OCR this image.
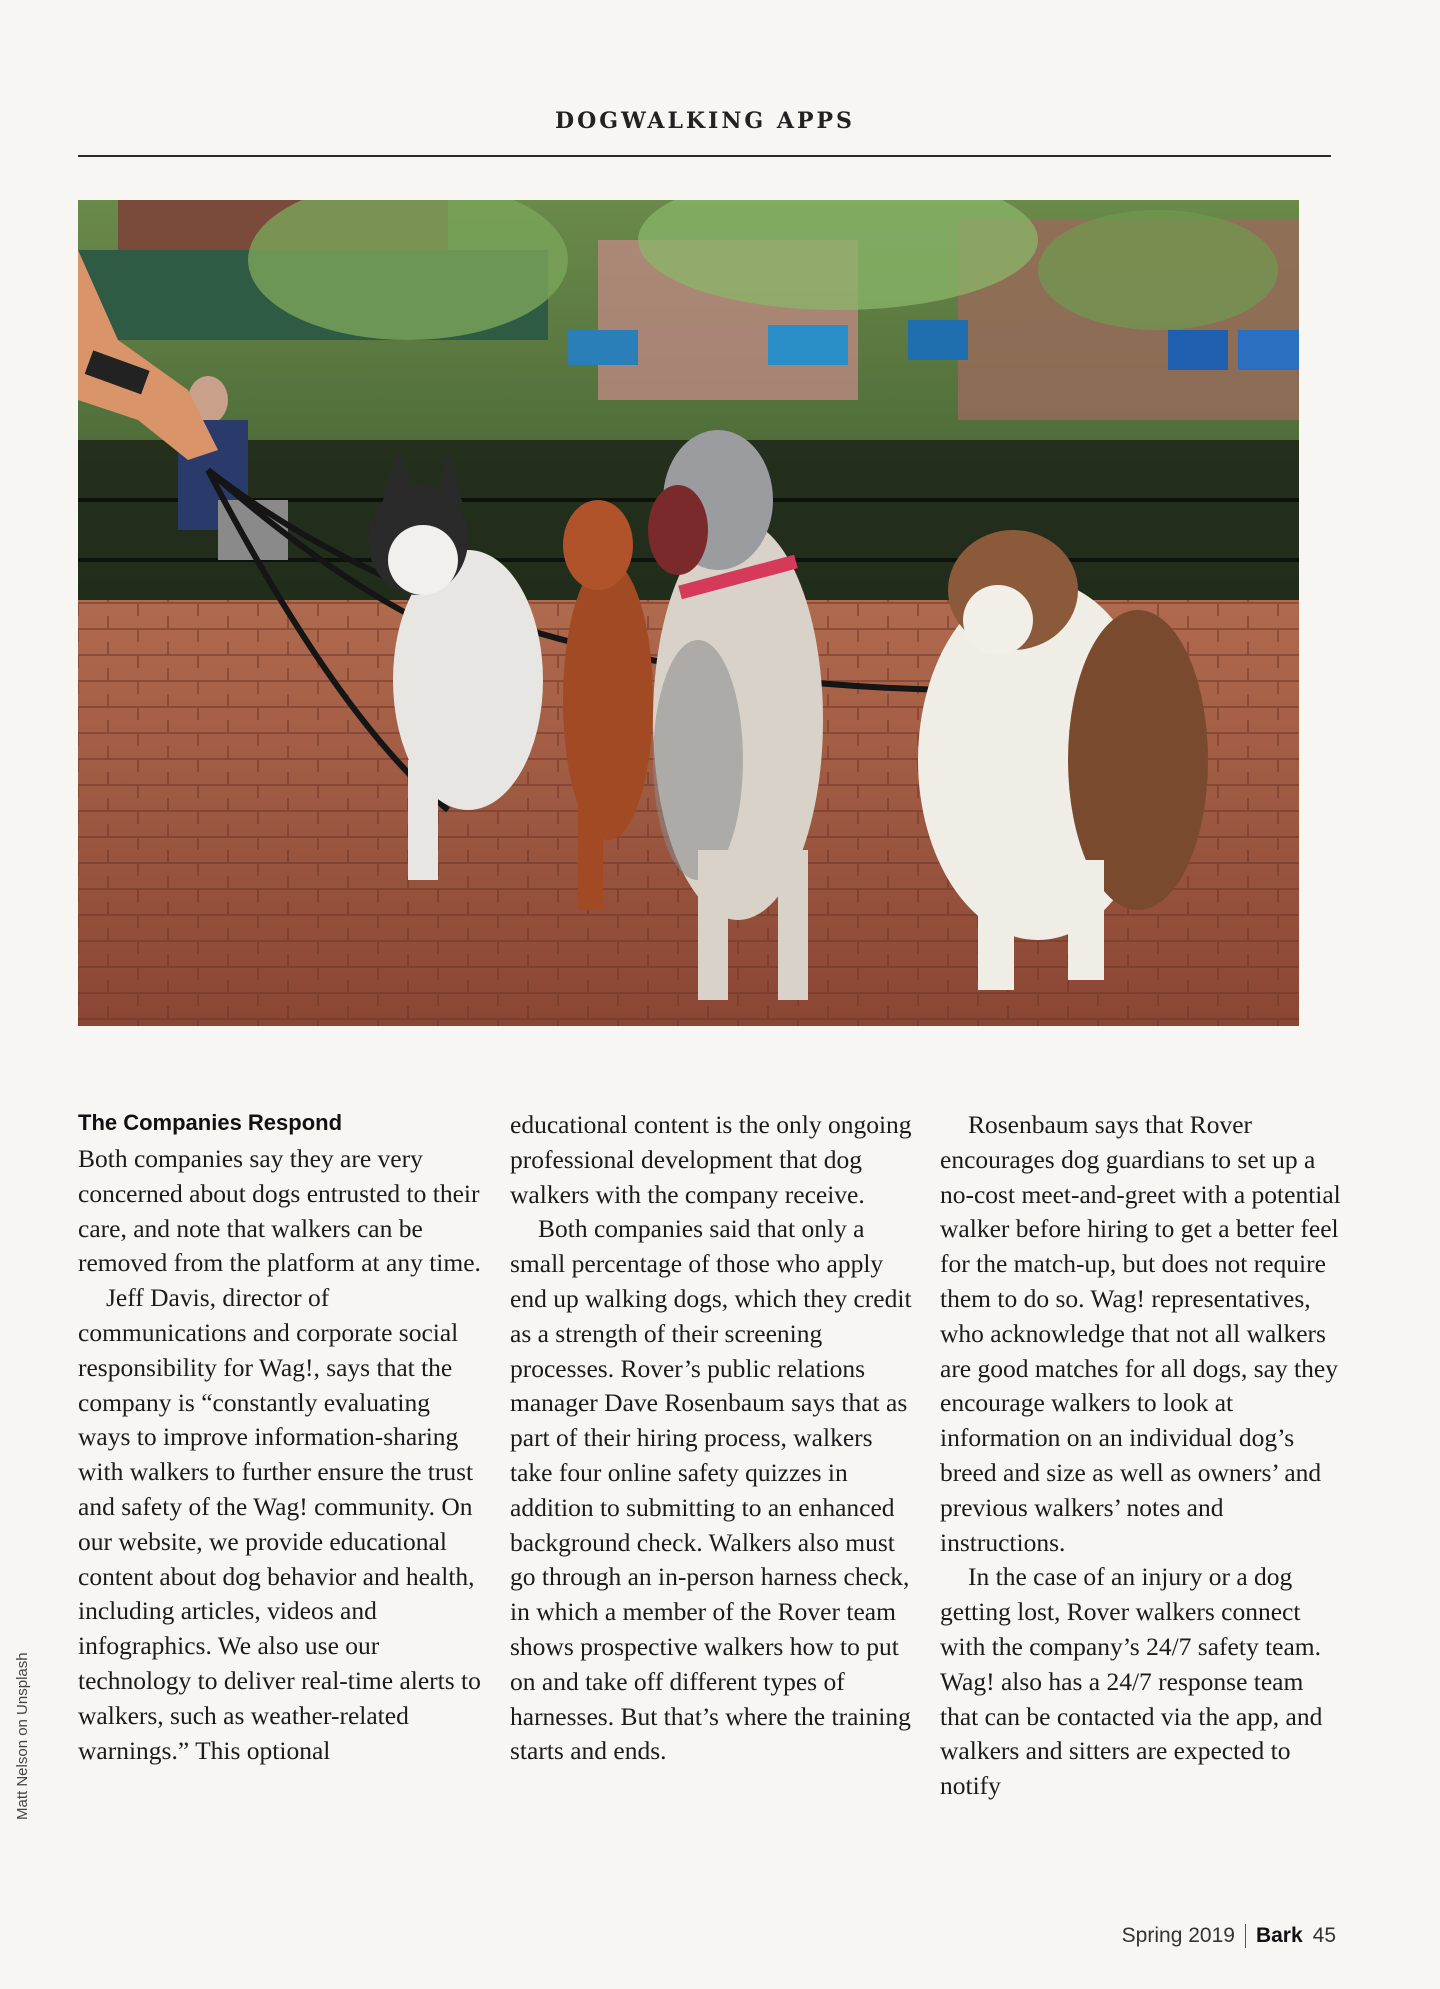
DOGWALKING APPS
Matt Nelson on Unsplash
The Companies Respond

Both companies say they are very concerned about dogs entrusted to their care, and note that walkers can be removed from the platform at any time.

Jeff Davis, director of communications and corporate social responsibility for Wag!, says that the company is “constantly evaluating ways to improve information-sharing with walkers to further ensure the trust and safety of the Wag! community. On our website, we provide educational content about dog behavior and health, including articles, videos and infographics. We also use our technology to deliver real-time alerts to walkers, such as weather-related warnings.” This optional

educational content is the only ongoing professional development that dog walkers with the company receive.

Both companies said that only a small percentage of those who apply end up walking dogs, which they credit as a strength of their screening processes. Rover’s public relations manager Dave Rosenbaum says that as part of their hiring process, walkers take four online safety quizzes in addition to submitting to an enhanced background check. Walkers also must go through an in-person harness check, in which a member of the Rover team shows prospective walkers how to put on and take off different types of harnesses. But that’s where the training starts and ends.

Rosenbaum says that Rover encourages dog guardians to set up a no-cost meet-and-greet with a potential walker before hiring to get a better feel for the match-up, but does not require them to do so. Wag! representatives, who acknowledge that not all walkers are good matches for all dogs, say they encourage walkers to look at information on an individual dog’s breed and size as well as owners’ and previous walkers’ notes and instructions.

In the case of an injury or a dog getting lost, Rover walkers connect with the company’s 24/7 safety team. Wag! also has a 24/7 response team that can be contacted via the app, and walkers and sitters are expected to notify

Spring 2019 Bark 45
